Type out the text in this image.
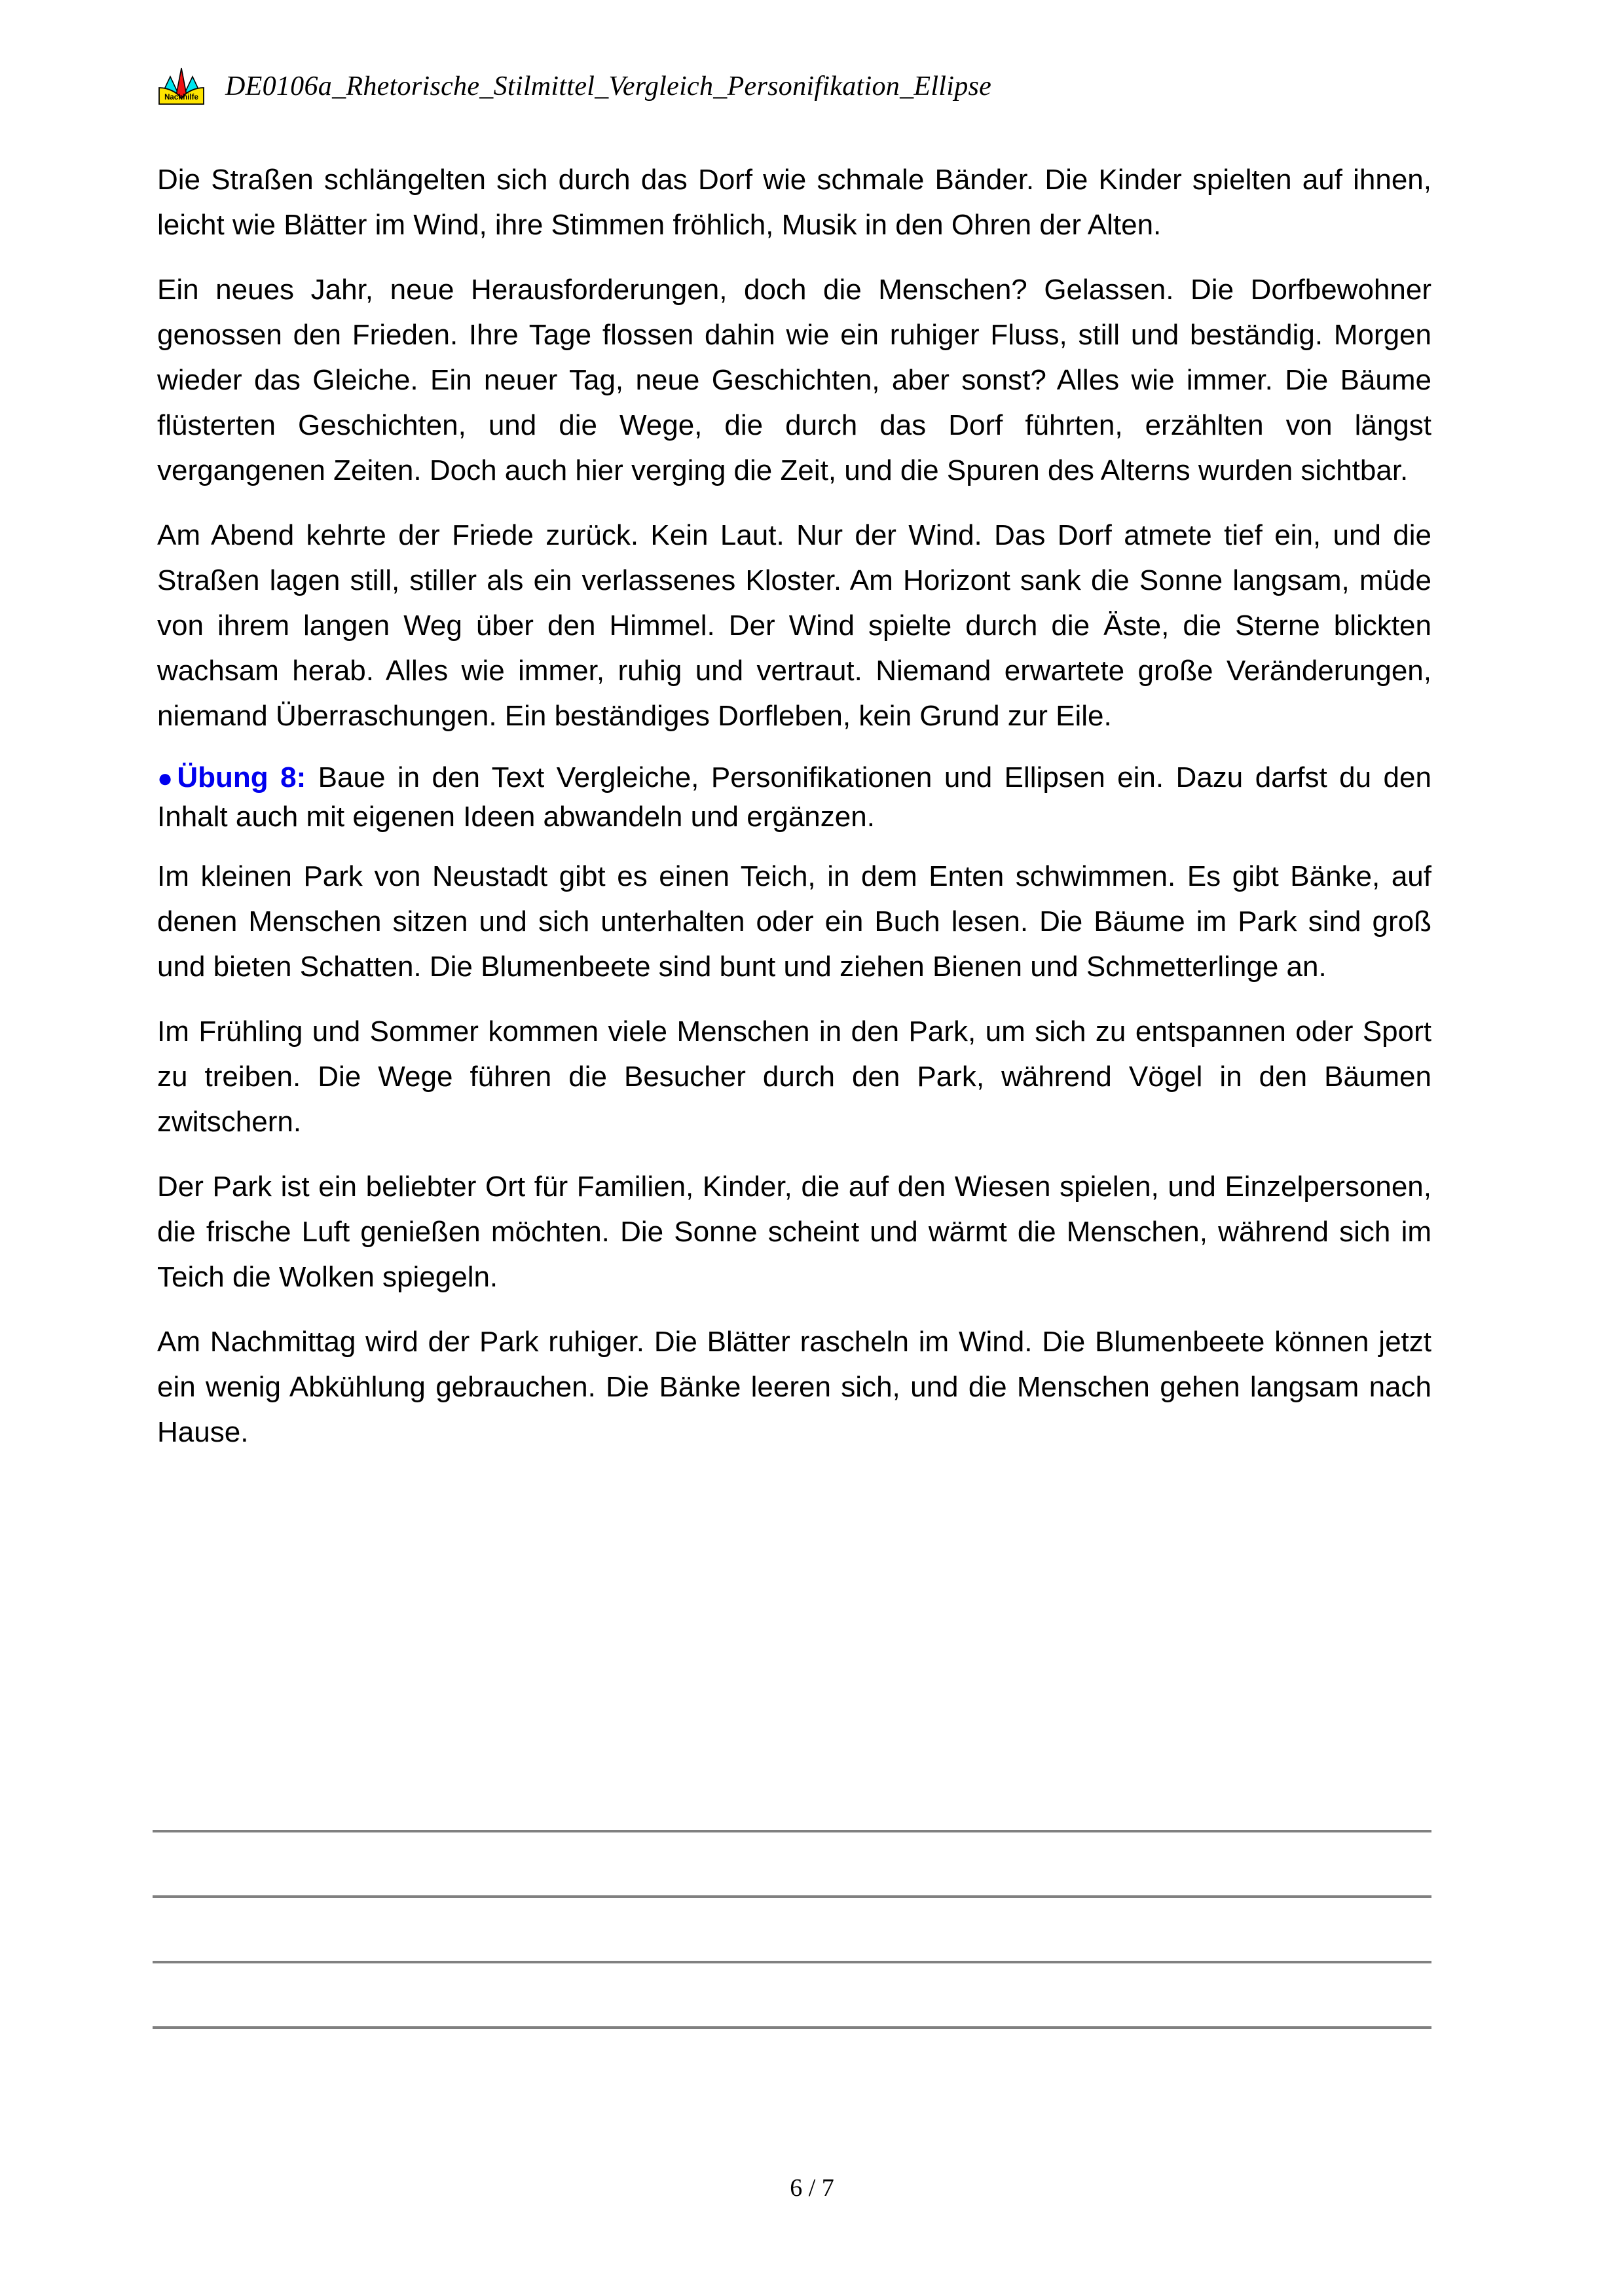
Nachhilfe DE0106a_Rhetorische_Stilmittel_Vergleich_Personifikation_Ellipse

Die Straßen schlängelten sich durch das Dorf wie schmale Bänder. Die Kinder spielten auf ihnen, leicht wie Blätter im Wind, ihre Stimmen fröhlich, Musik in den Ohren der Alten.

Ein neues Jahr, neue Herausforderungen, doch die Menschen? Gelassen. Die Dorfbewohner genossen den Frieden. Ihre Tage flossen dahin wie ein ruhiger Fluss, still und beständig. Morgen wieder das Gleiche. Ein neuer Tag, neue Geschichten, aber sonst? Alles wie immer. Die Bäume flüsterten Geschichten, und die Wege, die durch das Dorf führten, erzählten von längst vergangenen Zeiten. Doch auch hier verging die Zeit, und die Spuren des Alterns wurden sichtbar.

Am Abend kehrte der Friede zurück. Kein Laut. Nur der Wind. Das Dorf atmete tief ein, und die Straßen lagen still, stiller als ein verlassenes Kloster. Am Horizont sank die Sonne langsam, müde von ihrem langen Weg über den Himmel. Der Wind spielte durch die Äste, die Sterne blickten wachsam herab. Alles wie immer, ruhig und vertraut. Niemand erwartete große Veränderungen, niemand Überraschungen. Ein beständiges Dorfleben, kein Grund zur Eile.

●Übung 8: Baue in den Text Vergleiche, Personifikationen und Ellipsen ein. Dazu darfst du den Inhalt auch mit eigenen Ideen abwandeln und ergänzen.

Im kleinen Park von Neustadt gibt es einen Teich, in dem Enten schwimmen. Es gibt Bänke, auf denen Menschen sitzen und sich unterhalten oder ein Buch lesen. Die Bäume im Park sind groß und bieten Schatten. Die Blumenbeete sind bunt und ziehen Bienen und Schmetterlinge an.

Im Frühling und Sommer kommen viele Menschen in den Park, um sich zu entspannen oder Sport zu treiben. Die Wege führen die Besucher durch den Park, während Vögel in den Bäumen zwitschern.

Der Park ist ein beliebter Ort für Familien, Kinder, die auf den Wiesen spielen, und Einzelpersonen, die frische Luft genießen möchten. Die Sonne scheint und wärmt die Menschen, während sich im Teich die Wolken spiegeln.

Am Nachmittag wird der Park ruhiger. Die Blätter rascheln im Wind. Die Blumenbeete können jetzt ein wenig Abkühlung gebrauchen. Die Bänke leeren sich, und die Menschen gehen langsam nach Hause.

6 / 7
